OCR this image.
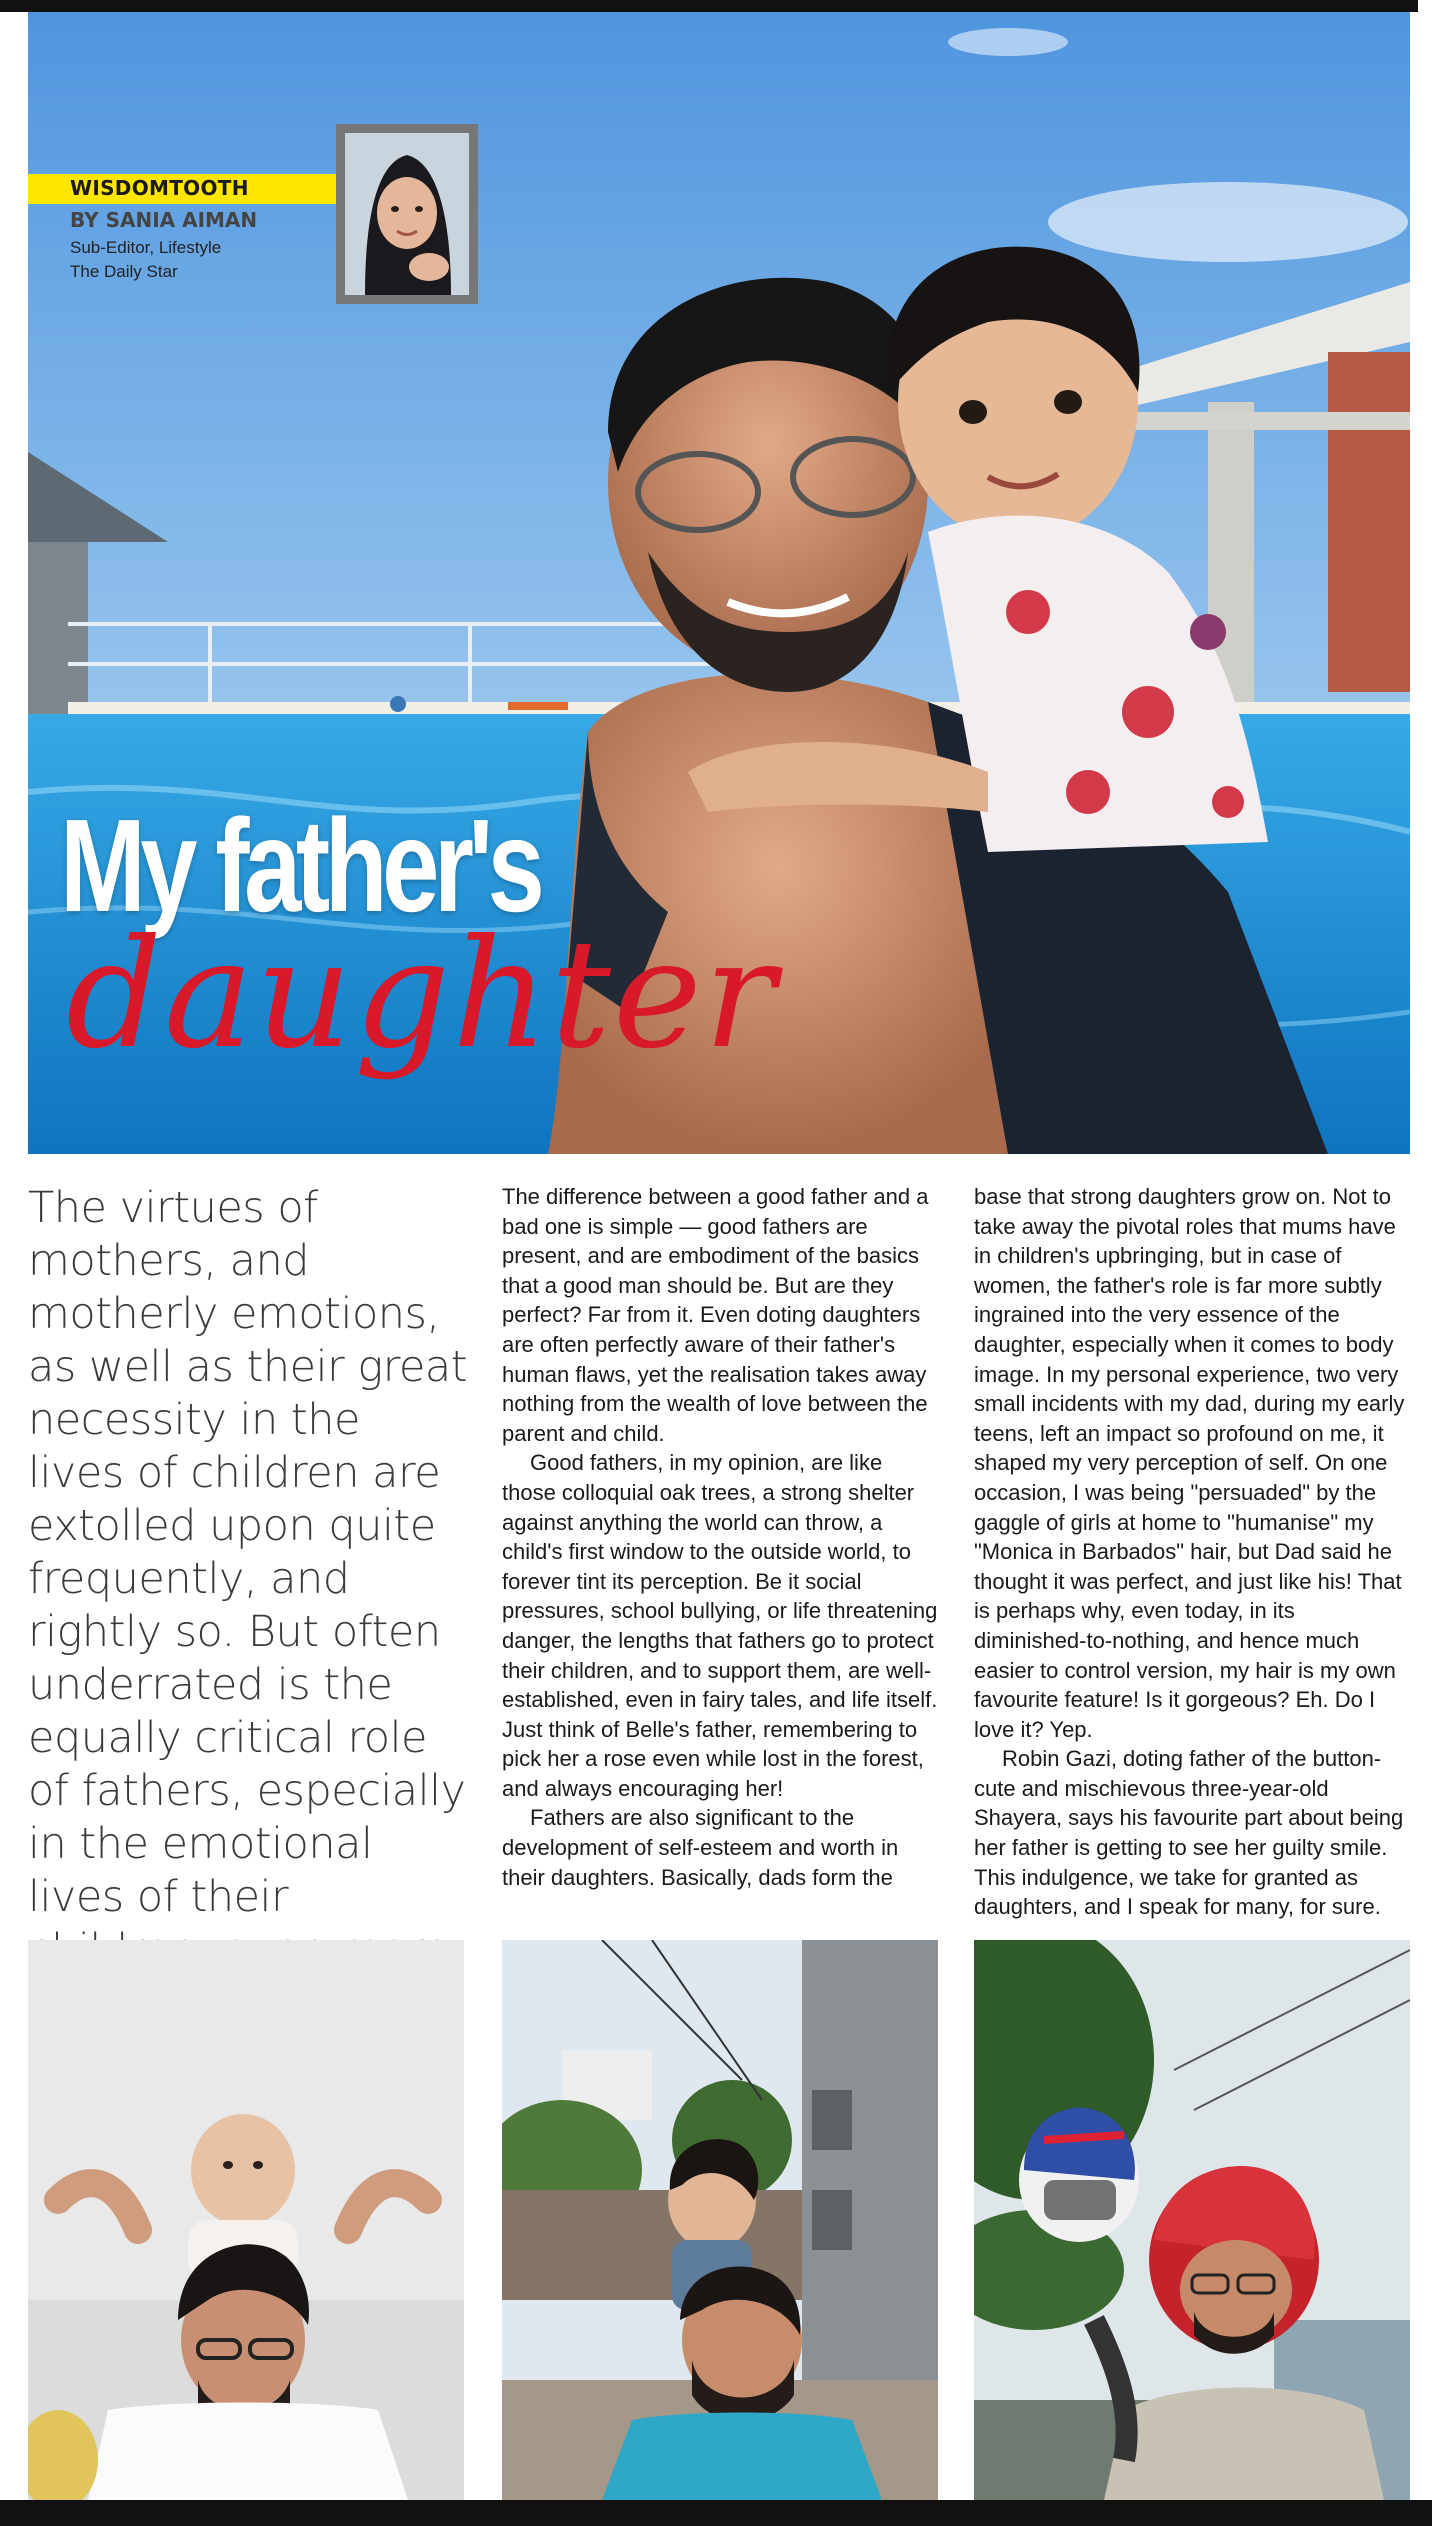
WISDOMTOOTH
BY SANIA AIMAN
Sub-Editor, Lifestyle
The Daily Star
My father's
daughter
The virtues of mothers, and motherly emotions, as well as their great necessity in the lives of children are extolled upon quite frequently, and rightly so. But often underrated is the equally critical role of fathers, especially in the emotional lives of their

The difference between a good father and a bad one is simple — good fathers are present, and are embodiment of the basics that a good man should be. But are they perfect? Far from it. Even doting daughters are often perfectly aware of their father's human flaws, yet the realisation takes away nothing from the wealth of love between the parent and child.

Good fathers, in my opinion, are like those colloquial oak trees, a strong shelter against anything the world can throw, a child's first window to the outside world, to forever tint its perception. Be it social pressures, school bullying, or life threatening danger, the lengths that fathers go to protect their children, and to support them, are well-established, even in fairy tales, and life itself. Just think of Belle's father, remembering to pick her a rose even while lost in the forest, and always encouraging her!

Fathers are also significant to the development of self-esteem and worth in their daughters. Basically, dads form the

base that strong daughters grow on. Not to take away the pivotal roles that mums have in children's upbringing, but in case of women, the father's role is far more subtly ingrained into the very essence of the daughter, especially when it comes to body image. In my personal experience, two very small incidents with my dad, during my early teens, left an impact so profound on me, it shaped my very perception of self. On one occasion, I was being "persuaded" by the gaggle of girls at home to "humanise" my "Monica in Barbados" hair, but Dad said he thought it was perfect, and just like his! That is perhaps why, even today, in its diminished-to-nothing, and hence much easier to control version, my hair is my own favourite feature! Is it gorgeous? Eh. Do I love it? Yep.

Robin Gazi, doting father of the button-cute and mischievous three-year-old Shayera, says his favourite part about being her father is getting to see her guilty smile. This indulgence, we take for granted as daughters, and I speak for many, for sure.
